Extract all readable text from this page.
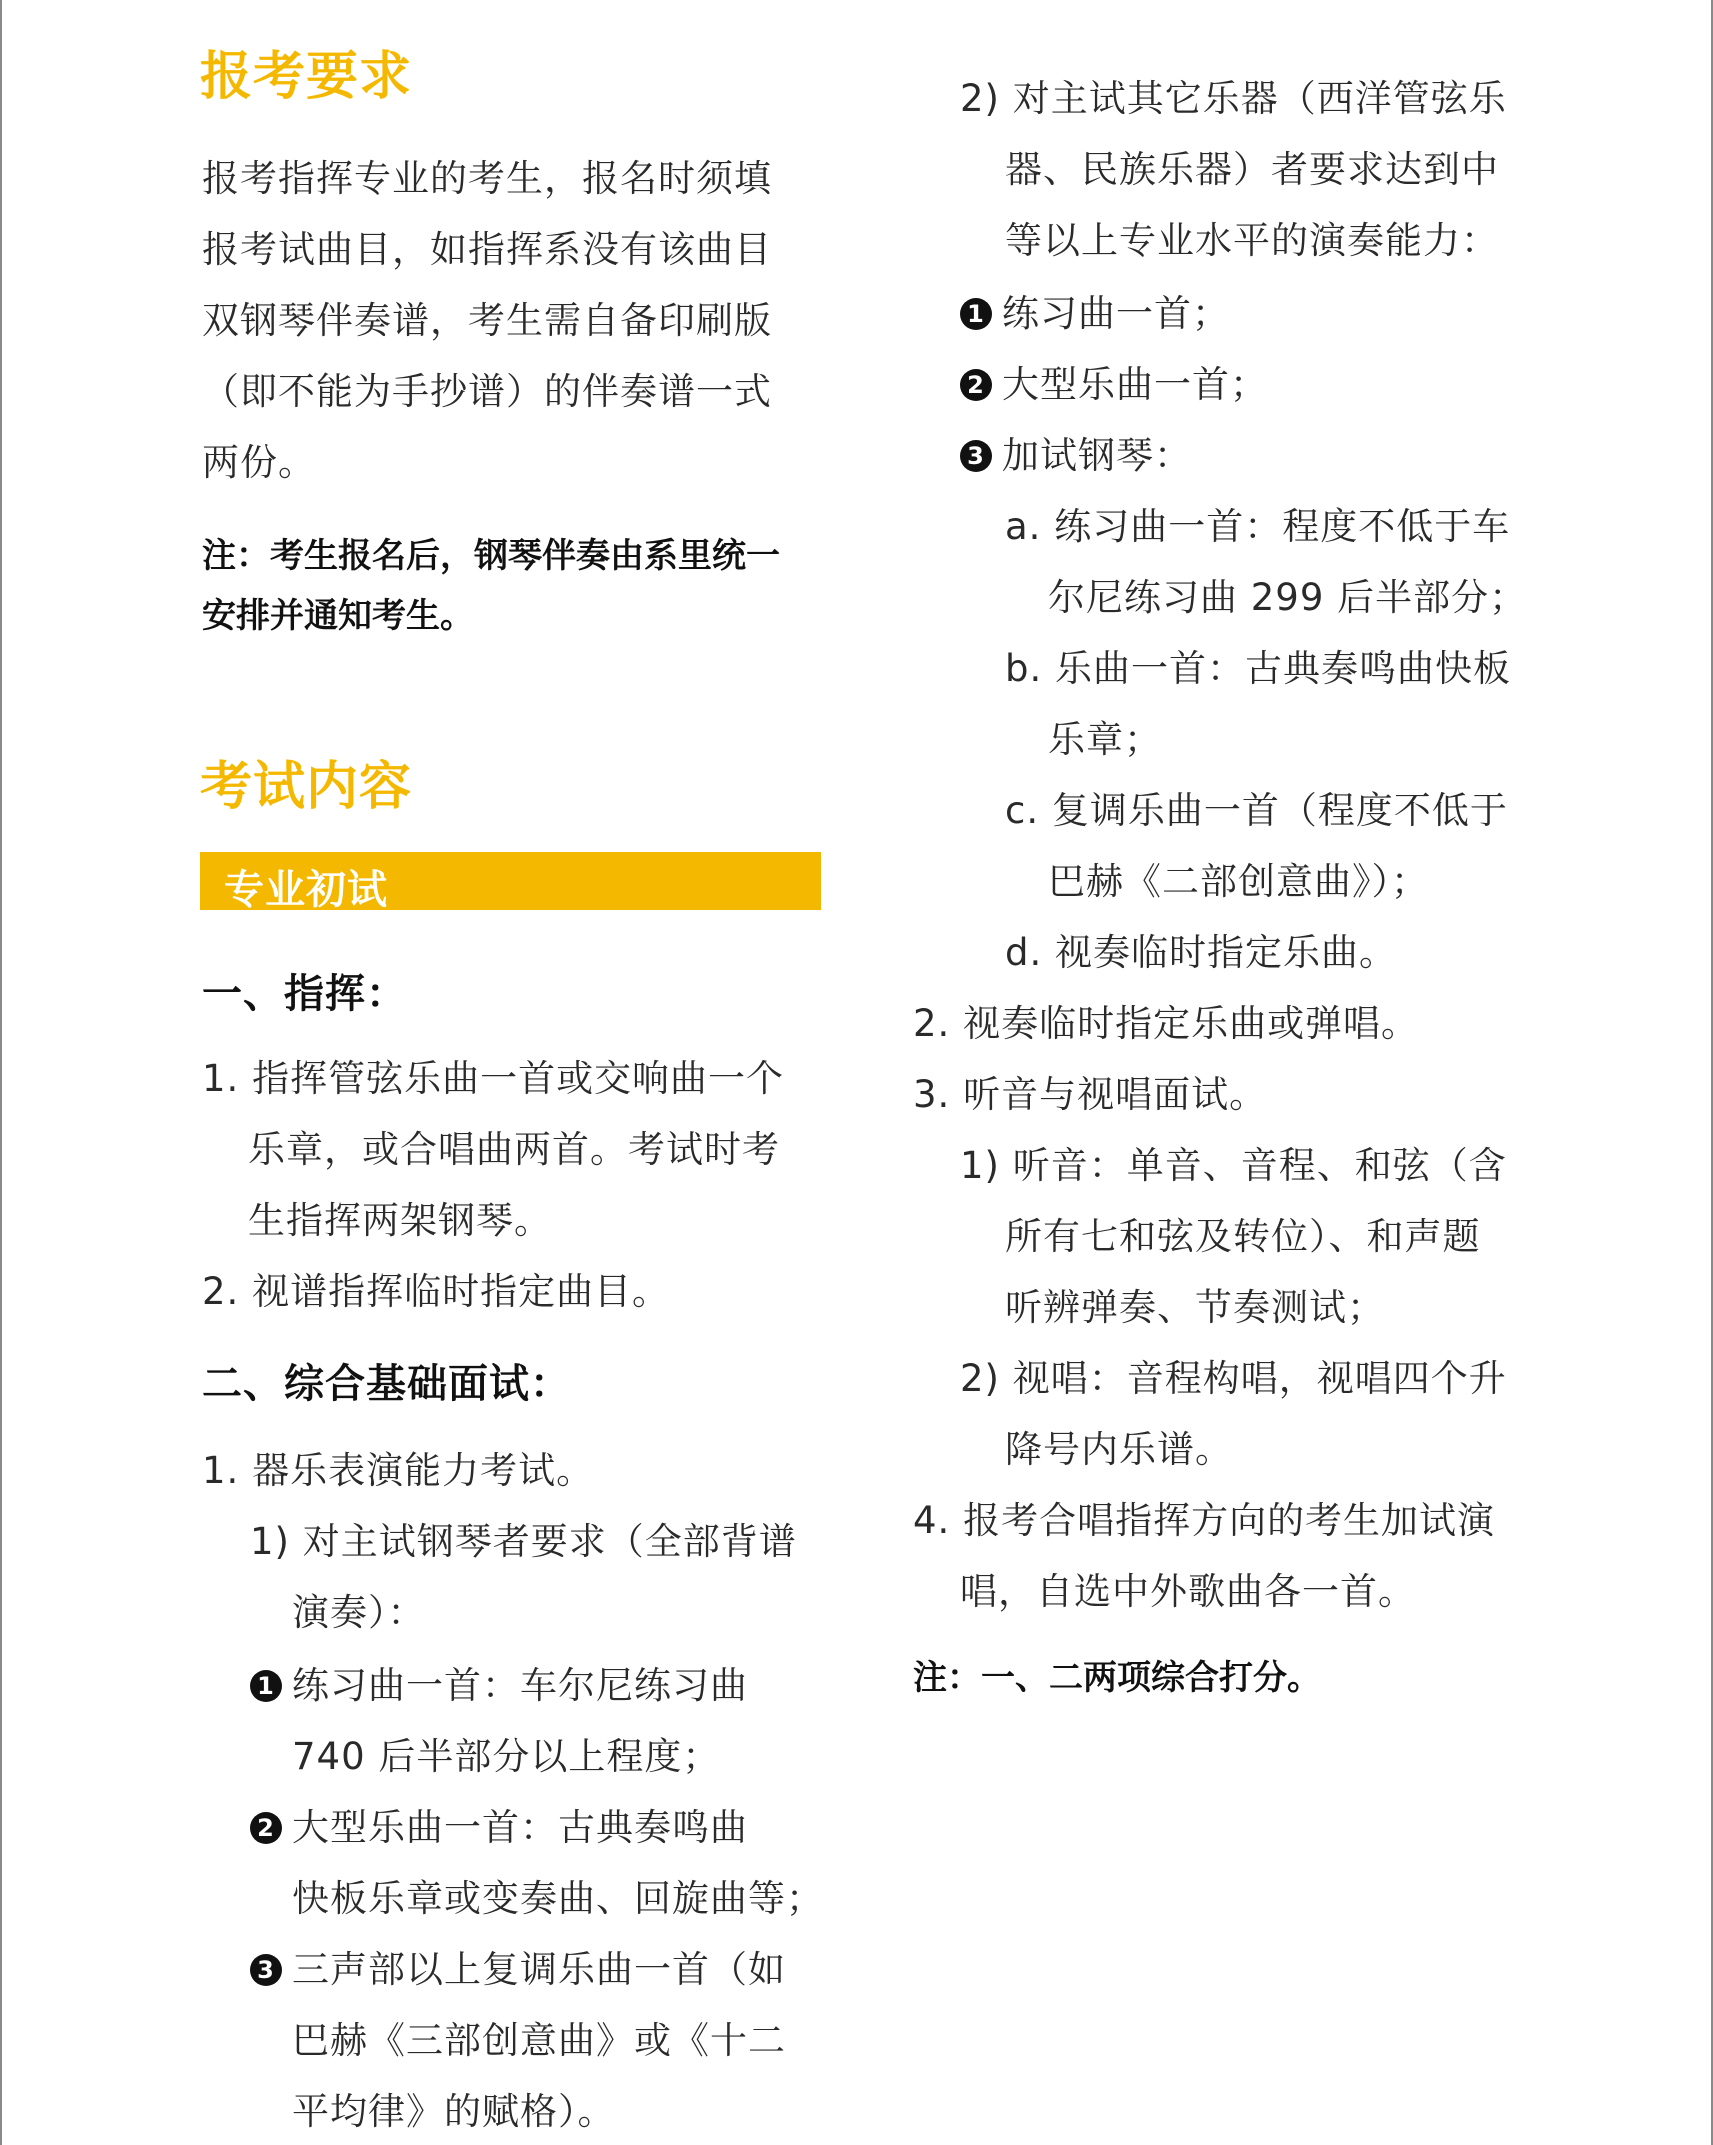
报考要求

报考指挥专业的考生，报名时须填

报考试曲目，如指挥系没有该曲目

双钢琴伴奏谱，考生需自备印刷版

（即不能为手抄谱）的伴奏谱一式

两份。

注：考生报名后，钢琴伴奏由系里统一

安排并通知考生。

考试内容
专业初试
一、指挥：

1. 指挥管弦乐曲一首或交响曲一个

乐章，或合唱曲两首。考试时考

生指挥两架钢琴。

2. 视谱指挥临时指定曲目。

二、综合基础面试：

1. 器乐表演能力考试。

1) 对主试钢琴者要求（全部背谱

演奏）：

1 练习曲一首：车尔尼练习曲

740 后半部分以上程度；

2 大型乐曲一首：古典奏鸣曲

快板乐章或变奏曲、回旋曲等；

3 三声部以上复调乐曲一首（如

巴赫《三部创意曲》或《十二

平均律》的赋格）。

2) 对主试其它乐器（西洋管弦乐

器、民族乐器）者要求达到中

等以上专业水平的演奏能力：

1 练习曲一首；

2 大型乐曲一首；

3 加试钢琴：

a. 练习曲一首：程度不低于车

尔尼练习曲 299 后半部分；

b. 乐曲一首：古典奏鸣曲快板

乐章；

c. 复调乐曲一首（程度不低于

巴赫《二部创意曲》）；

d. 视奏临时指定乐曲。

2. 视奏临时指定乐曲或弹唱。

3. 听音与视唱面试。

1) 听音：单音、音程、和弦（含

所有七和弦及转位）、和声题

听辨弹奏、节奏测试；

2) 视唱：音程构唱，视唱四个升

降号内乐谱。

4. 报考合唱指挥方向的考生加试演

唱，自选中外歌曲各一首。

注：一、二两项综合打分。
